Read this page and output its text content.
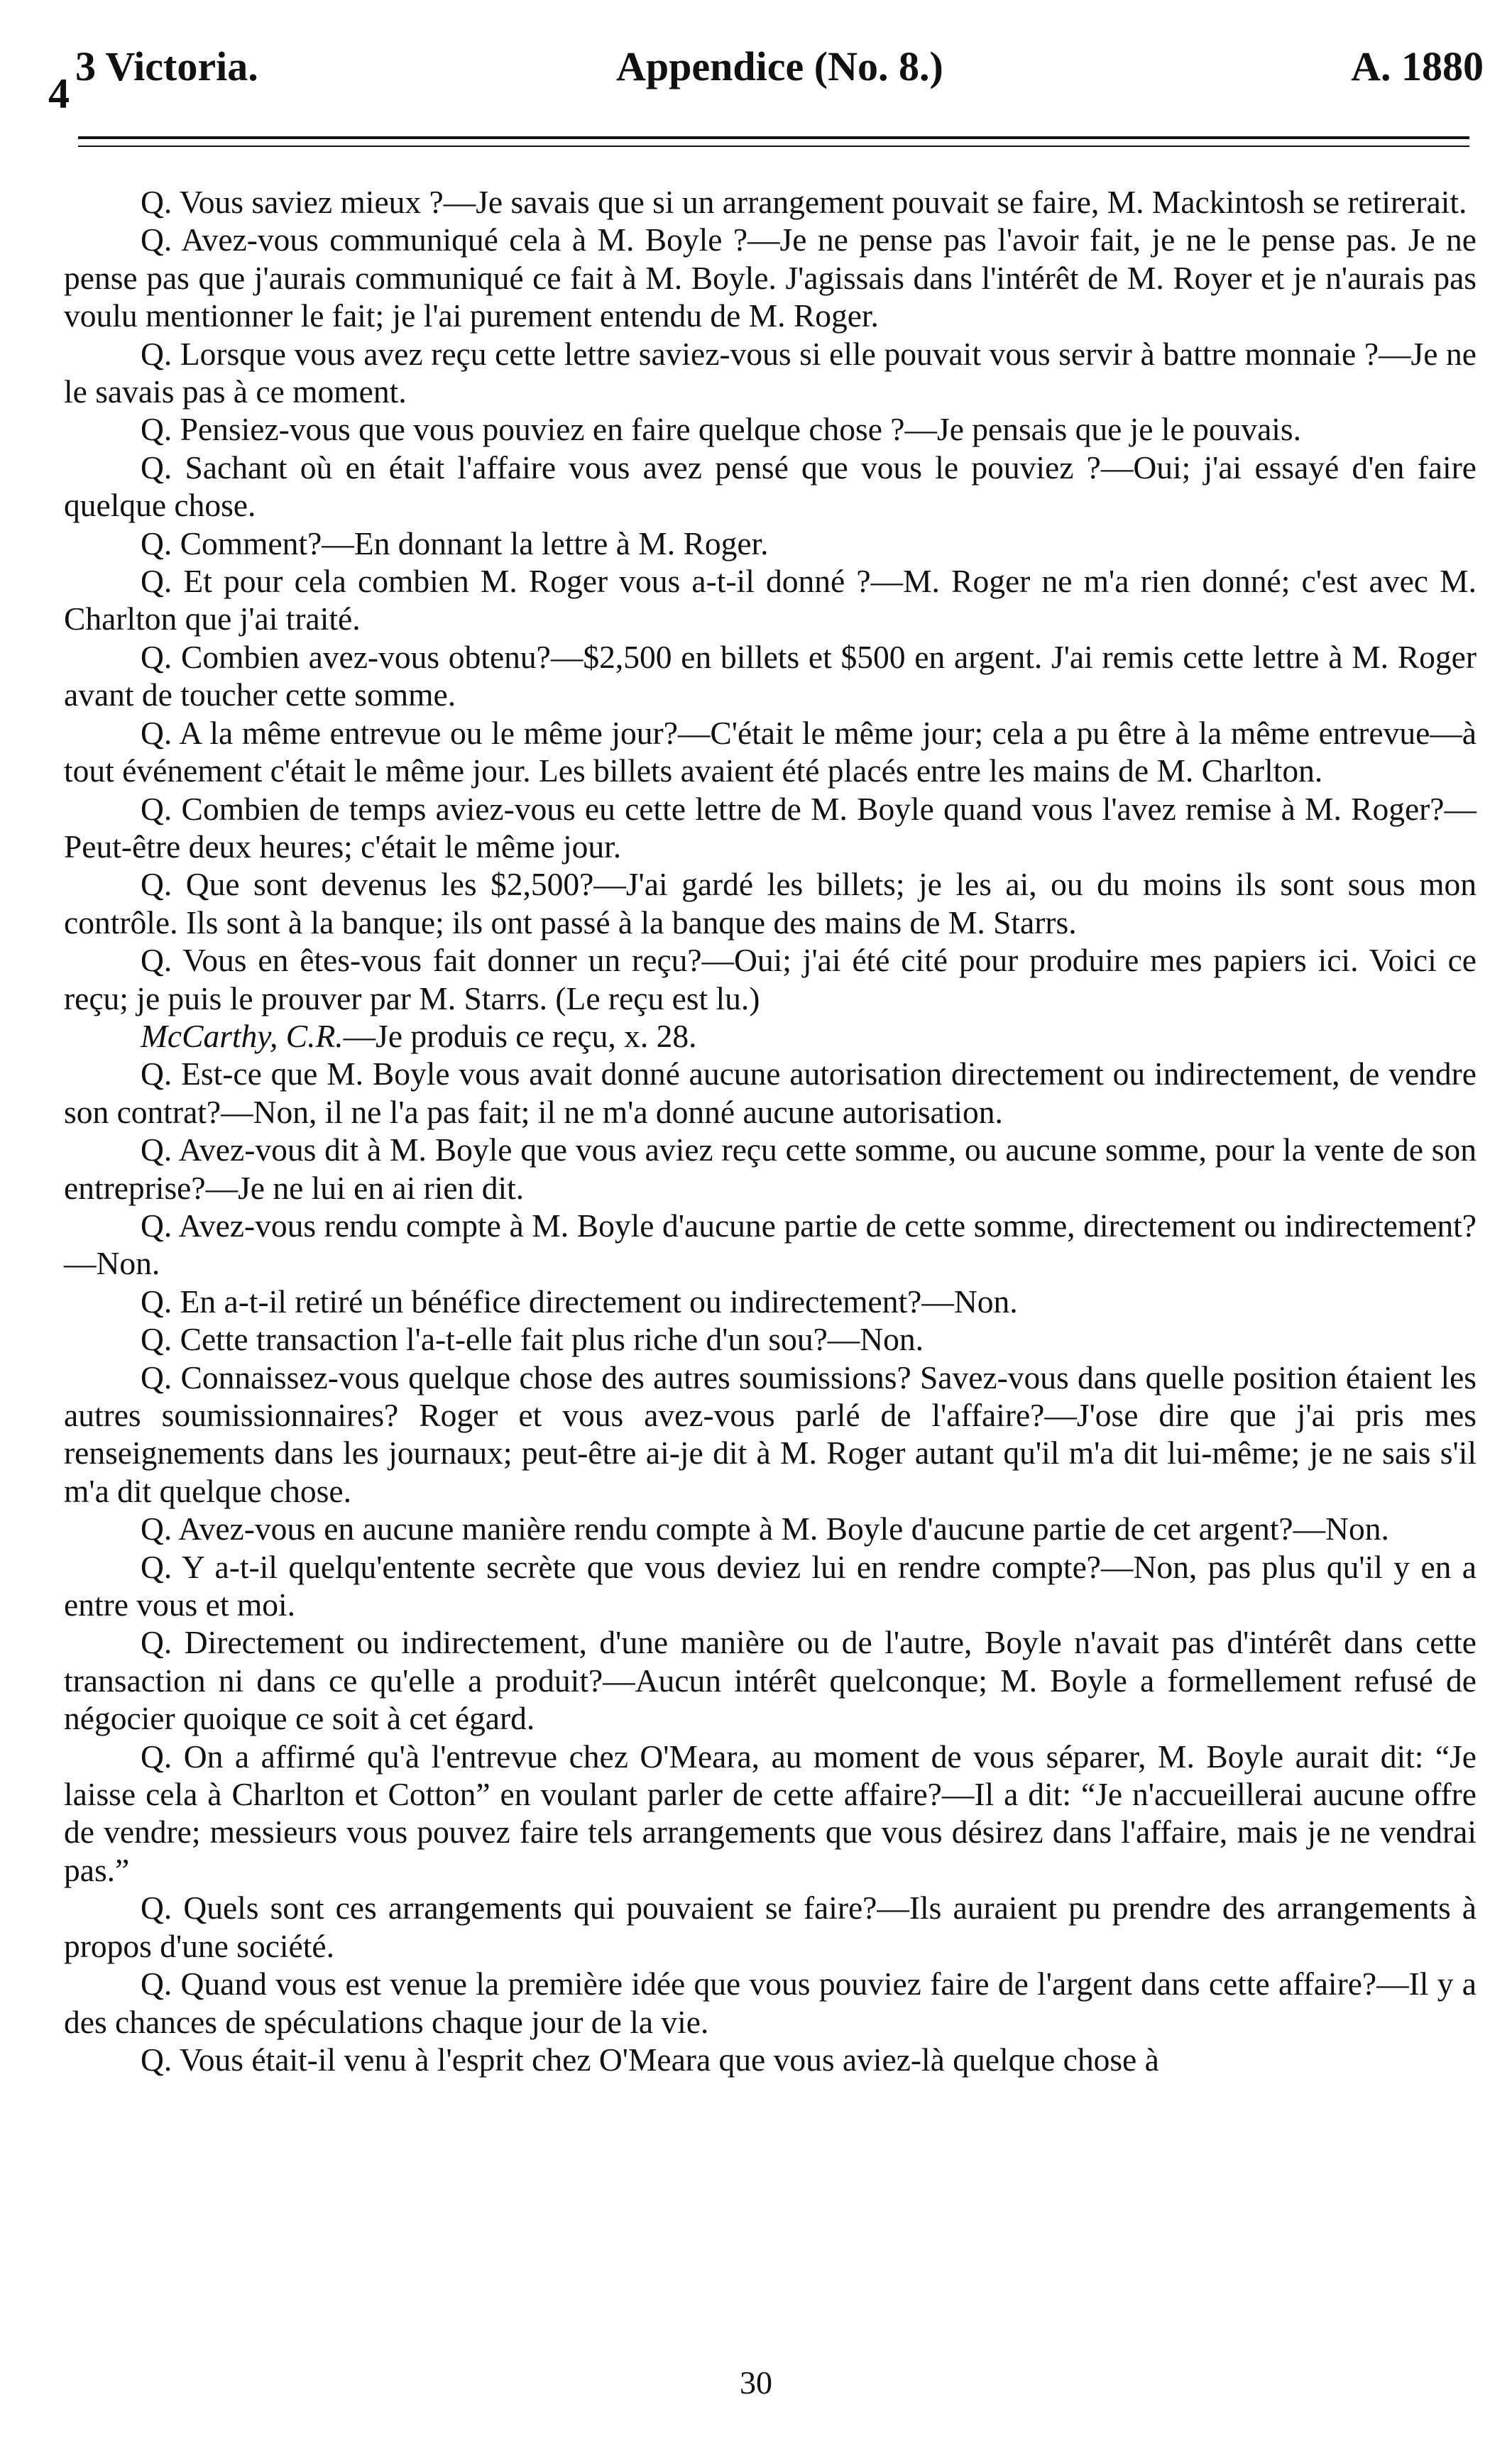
4
3 Victoria.	Appendice (No. 8.)	A. 1880

Q. Vous saviez mieux ?—Je savais que si un arrangement pouvait se faire, M. Mackintosh se retirerait.

Q. Avez-vous communiqué cela à M. Boyle ?—Je ne pense pas l'avoir fait, je ne le pense pas. Je ne pense pas que j'aurais communiqué ce fait à M. Boyle. J'agissais dans l'intérêt de M. Royer et je n'aurais pas voulu mentionner le fait; je l'ai purement entendu de M. Roger.

Q. Lorsque vous avez reçu cette lettre saviez-vous si elle pouvait vous servir à battre monnaie ?—Je ne le savais pas à ce moment.

Q. Pensiez-vous que vous pouviez en faire quelque chose ?—Je pensais que je le pouvais.

Q. Sachant où en était l'affaire vous avez pensé que vous le pouviez ?—Oui; j'ai essayé d'en faire quelque chose.

Q. Comment?—En donnant la lettre à M. Roger.

Q. Et pour cela combien M. Roger vous a-t-il donné ?—M. Roger ne m'a rien donné; c'est avec M. Charlton que j'ai traité.

Q. Combien avez-vous obtenu?—$2,500 en billets et $500 en argent. J'ai remis cette lettre à M. Roger avant de toucher cette somme.

Q. A la même entrevue ou le même jour?—C'était le même jour; cela a pu être à la même entrevue—à tout événement c'était le même jour. Les billets avaient été placés entre les mains de M. Charlton.

Q. Combien de temps aviez-vous eu cette lettre de M. Boyle quand vous l'avez remise à M. Roger?—Peut-être deux heures; c'était le même jour.

Q. Que sont devenus les $2,500?—J'ai gardé les billets; je les ai, ou du moins ils sont sous mon contrôle. Ils sont à la banque; ils ont passé à la banque des mains de M. Starrs.

Q. Vous en êtes-vous fait donner un reçu?—Oui; j'ai été cité pour produire mes papiers ici. Voici ce reçu; je puis le prouver par M. Starrs. (Le reçu est lu.)

McCarthy, C.R.—Je produis ce reçu, x. 28.

Q. Est-ce que M. Boyle vous avait donné aucune autorisation directement ou indirectement, de vendre son contrat?—Non, il ne l'a pas fait; il ne m'a donné aucune autorisation.

Q. Avez-vous dit à M. Boyle que vous aviez reçu cette somme, ou aucune somme, pour la vente de son entreprise?—Je ne lui en ai rien dit.

Q. Avez-vous rendu compte à M. Boyle d'aucune partie de cette somme, directement ou indirectement?—Non.

Q. En a-t-il retiré un bénéfice directement ou indirectement?—Non.

Q. Cette transaction l'a-t-elle fait plus riche d'un sou?—Non.

Q. Connaissez-vous quelque chose des autres soumissions? Savez-vous dans quelle position étaient les autres soumissionnaires? Roger et vous avez-vous parlé de l'affaire?—J'ose dire que j'ai pris mes renseignements dans les journaux; peut-être ai-je dit à M. Roger autant qu'il m'a dit lui-même; je ne sais s'il m'a dit quelque chose.

Q. Avez-vous en aucune manière rendu compte à M. Boyle d'aucune partie de cet argent?—Non.

Q. Y a-t-il quelqu'entente secrète que vous deviez lui en rendre compte?—Non, pas plus qu'il y en a entre vous et moi.

Q. Directement ou indirectement, d'une manière ou de l'autre, Boyle n'avait pas d'intérêt dans cette transaction ni dans ce qu'elle a produit?—Aucun intérêt quelconque; M. Boyle a formellement refusé de négocier quoique ce soit à cet égard.

Q. On a affirmé qu'à l'entrevue chez O'Meara, au moment de vous séparer, M. Boyle aurait dit: “Je laisse cela à Charlton et Cotton” en voulant parler de cette affaire?—Il a dit: “Je n'accueillerai aucune offre de vendre; messieurs vous pouvez faire tels arrangements que vous désirez dans l'affaire, mais je ne vendrai pas.”

Q. Quels sont ces arrangements qui pouvaient se faire?—Ils auraient pu prendre des arrangements à propos d'une société.

Q. Quand vous est venue la première idée que vous pouviez faire de l'argent dans cette affaire?—Il y a des chances de spéculations chaque jour de la vie.

Q. Vous était-il venu à l'esprit chez O'Meara que vous aviez-là quelque chose à

30
